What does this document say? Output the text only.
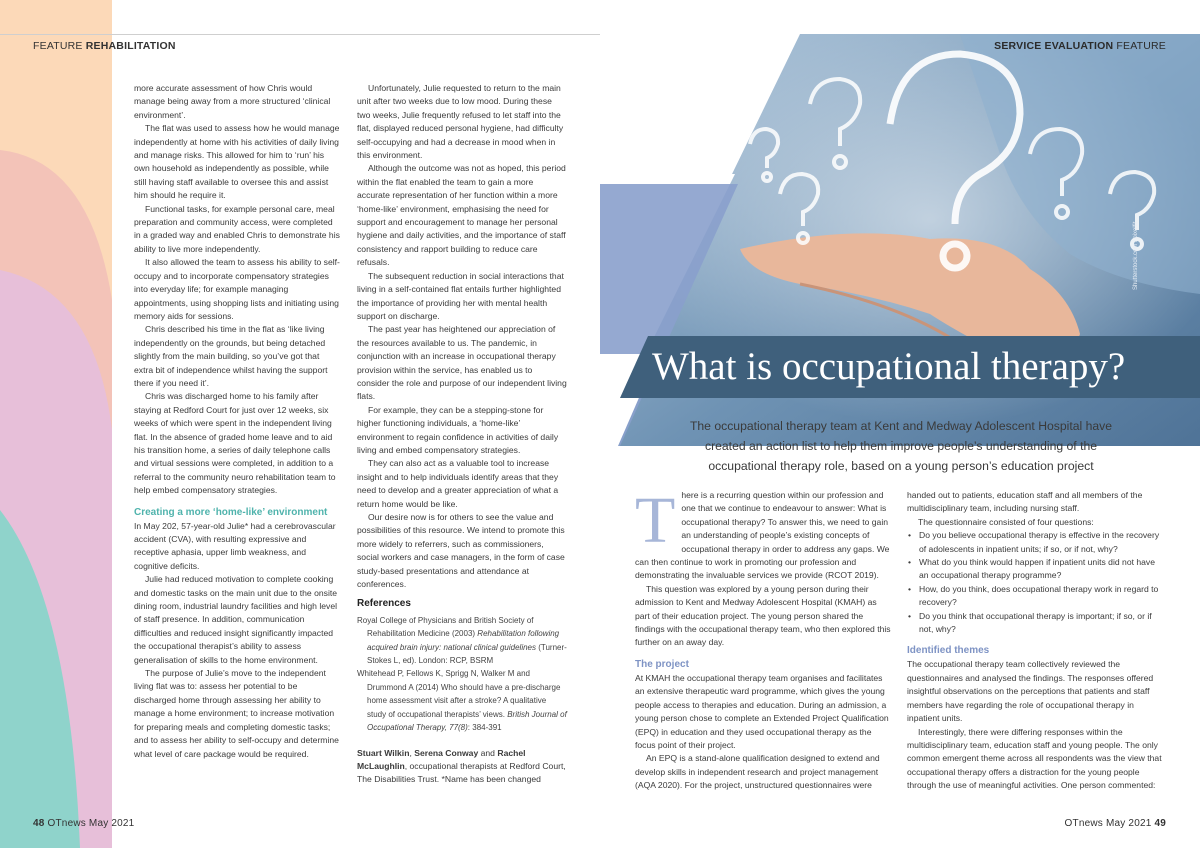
FEATURE REHABILITATION

more accurate assessment of how Chris would manage being away from a more structured ‘clinical environment’.

The flat was used to assess how he would manage independently at home with his activities of daily living and manage risks. This allowed for him to ‘run’ his own household as independently as possible, while still having staff available to oversee this and assist him should he require it.

Functional tasks, for example personal care, meal preparation and community access, were completed in a graded way and enabled Chris to demonstrate his ability to live more independently.

It also allowed the team to assess his ability to self-occupy and to incorporate compensatory strategies into everyday life; for example managing appointments, using shopping lists and initiating using memory aids for sessions.

Chris described his time in the flat as ‘like living independently on the grounds, but being detached slightly from the main building, so you’ve got that extra bit of independence whilst having the support there if you need it’.

Chris was discharged home to his family after staying at Redford Court for just over 12 weeks, six weeks of which were spent in the independent living flat. In the absence of graded home leave and to aid his transition home, a series of daily telephone calls and virtual sessions were completed, in addition to a referral to the community neuro rehabilitation team to help embed compensatory strategies.

Creating a more ‘home-like’ environment

In May 202, 57-year-old Julie* had a cerebrovascular accident (CVA), with resulting expressive and receptive aphasia, upper limb weakness, and cognitive deficits.

Julie had reduced motivation to complete cooking and domestic tasks on the main unit due to the onsite dining room, industrial laundry facilities and high level of staff presence. In addition, communication difficulties and reduced insight significantly impacted the occupational therapist’s ability to assess generalisation of skills to the home environment.

The purpose of Julie’s move to the independent living flat was to: assess her potential to be discharged home through assessing her ability to manage a home environment; to increase motivation for preparing meals and completing domestic tasks; and to assess her ability to self-occupy and determine what level of care package would be required.

Unfortunately, Julie requested to return to the main unit after two weeks due to low mood. During these two weeks, Julie frequently refused to let staff into the flat, displayed reduced personal hygiene, had difficulty self-occupying and had a decrease in mood when in this environment.

Although the outcome was not as hoped, this period within the flat enabled the team to gain a more accurate representation of her function within a more ‘home-like’ environment, emphasising the need for support and encouragement to manage her personal hygiene and daily activities, and the importance of staff consistency and rapport building to reduce care refusals.

The subsequent reduction in social interactions that living in a self-contained flat entails further highlighted the importance of providing her with mental health support on discharge.

The past year has heightened our appreciation of the resources available to us. The pandemic, in conjunction with an increase in occupational therapy provision within the service, has enabled us to consider the role and purpose of our independent living flats.

For example, they can be a stepping-stone for higher functioning individuals, a ‘home-like’ environment to regain confidence in activities of daily living and embed compensatory strategies.

They can also act as a valuable tool to increase insight and to help individuals identify areas that they need to develop and a greater appreciation of what a return home would be like.

Our desire now is for others to see the value and possibilities of this resource. We intend to promote this more widely to referrers, such as commissioners, social workers and case managers, in the form of case study-based presentations and attendance at conferences.

References
Royal College of Physicians and British Society of Rehabilitation Medicine (2003) Rehabilitation following acquired brain injury: national clinical guidelines (Turner-Stokes L, ed). London: RCP, BSRM
Whitehead P, Fellows K, Sprigg N, Walker M and Drummond A (2014) Who should have a pre-discharge home assessment visit after a stroke? A qualitative study of occupational therapists’ views. British Journal of Occupational Therapy, 77(8): 384-391

Stuart Wilkin, Serena Conway and Rachel McLaughlin, occupational therapists at Redford Court, The Disabilities Trust. *Name has been changed

48 OTnews May 2021
SERVICE EVALUATION FEATURE
Shutterstock.com / pixelfit
What is occupational therapy?
The occupational therapy team at Kent and Medway Adolescent Hospital have created an action list to help them improve people’s understanding of the occupational therapy role, based on a young person’s education project

There is a recurring question within our profession and one that we continue to endeavour to answer: What is occupational therapy? To answer this, we need to gain an understanding of people’s existing concepts of occupational therapy in order to address any gaps. We can then continue to work in promoting our profession and demonstrating the invaluable services we provide (RCOT 2019).

This question was explored by a young person during their admission to Kent and Medway Adolescent Hospital (KMAH) as part of their education project. The young person shared the findings with the occupational therapy team, who then explored this further on an away day.

The project

At KMAH the occupational therapy team organises and facilitates an extensive therapeutic ward programme, which gives the young people access to therapies and education. During an admission, a young person chose to complete an Extended Project Qualification (EPQ) in education and they used occupational therapy as the focus point of their project.

An EPQ is a stand-alone qualification designed to extend and develop skills in independent research and project management (AQA 2020). For the project, unstructured questionnaires were

handed out to patients, education staff and all members of the multidisciplinary team, including nursing staff.

The questionnaire consisted of four questions:

• Do you believe occupational therapy is effective in the recovery of adolescents in inpatient units; if so, or if not, why?
• What do you think would happen if inpatient units did not have an occupational therapy programme?
• How, do you think, does occupational therapy work in regard to recovery?
• Do you think that occupational therapy is important; if so, or if not, why?
Identified themes

The occupational therapy team collectively reviewed the questionnaires and analysed the findings. The responses offered insightful observations on the perceptions that patients and staff members have regarding the role of occupational therapy in inpatient units.

Interestingly, there were differing responses within the multidisciplinary team, education staff and young people. The only common emergent theme across all respondents was the view that occupational therapy offers a distraction for the young people through the use of meaningful activities. One person commented:

OTnews May 2021 49
